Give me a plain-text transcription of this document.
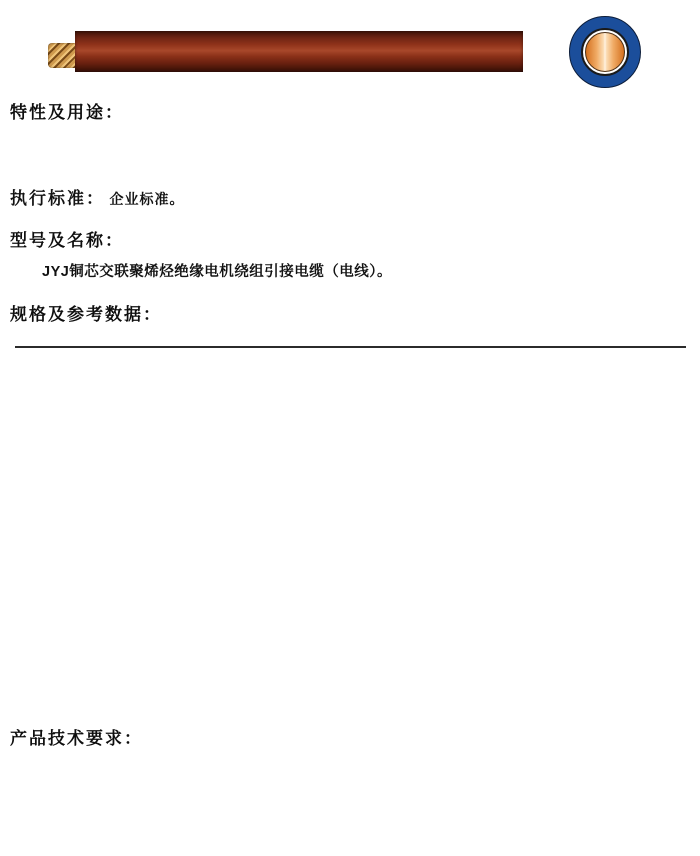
特性及用途：
执行标准： 企业标准。
型号及名称：
JYJ铜芯交联聚烯烃绝缘电机绕组引接电缆（电线）。
规格及参考数据：
产品技术要求：
